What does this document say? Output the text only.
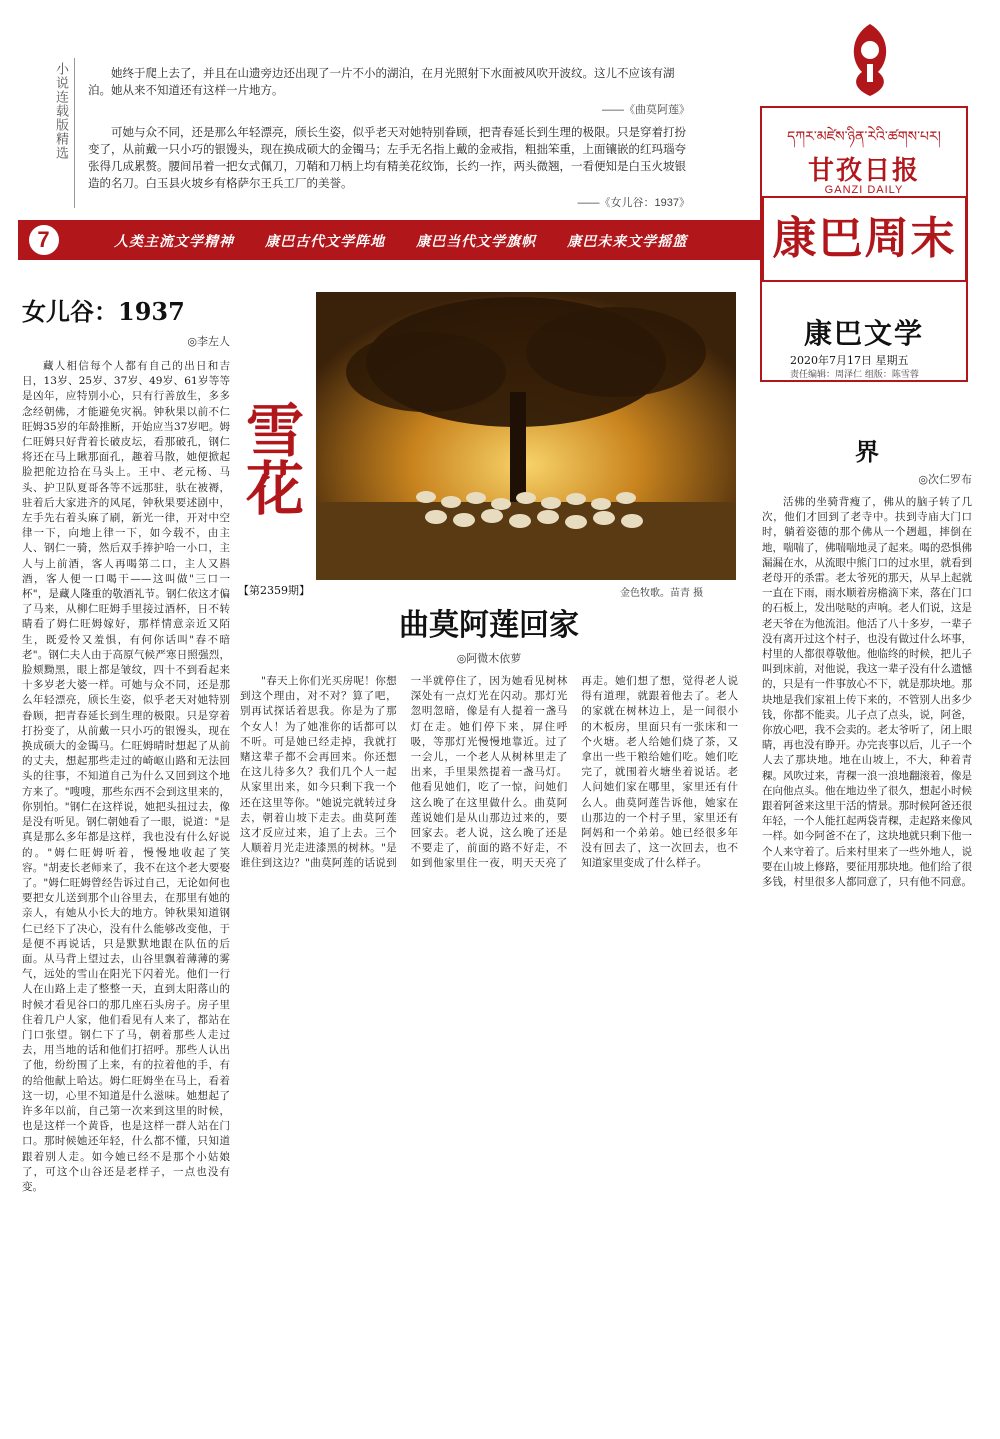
小说连载版精选	她终于爬上去了，并且在山遗旁边还出现了一片不小的湖泊，在月光照射下水面被风吹开波纹。这儿不应该有湖泊。她从来不知道还有这样一片地方。

——《曲莫阿莲》

可她与众不同，还是那么年轻漂亮，颀长生姿，似乎老天对她特别眷顾，把青春延长到生理的极限。只是穿着打扮变了，从前戴一只小巧的银馒头，现在换成硕大的金镯马；左手无名指上戴的金戒指，粗拙笨重，上面镶嵌的红玛瑙夸张得几成累赘。腰间吊着一把女式佩刀，刀鞘和刀柄上均有精美花纹饰，长约一拃，两头微翘，一看便知是白玉火坡银造的名刀。白玉县火坡乡有格萨尔王兵工厂的美誉。

——《女儿谷：1937》
དཀར་མཛེས་ཉིན་རེའི་ཚགས་པར།
甘孜日报
GANZI DAILY
康巴文学
2020年7月17日 星期五
责任编辑：周泽仁 组版：陈雪蓉
7	人类主流文学精神 康巴古代文学阵地 康巴当代文学旗帜 康巴未来文学摇篮	康巴周末
女儿谷：1937
◎李左人

藏人相信每个人都有自己的出日和吉日，13岁、25岁、37岁、49岁、61岁等等是凶年，应特别小心，只有行善放生，多多念经朝佛，才能避免灾祸。钟秋果以前不仁旺姆35岁的年龄推断，开始应当37岁吧。姆仁旺姆只好背着长破皮坛，看那破孔，钢仁将还在马上瞅那面孔，趣着马散，她便掀起脸把舵边拾在马头上。王中、老元杨、马头、护卫队夏哥各等不远那驻，驮在被褥，驻着后大家进齐的风尾，钟秋果要述剧中，左手先右着头麻了刷，新光一律，开对中空律一下，向地上律一下，如今载不，由主人、钢仁一骑，然后双手捧护哈一小口，主人与上前酒，客人再喝第二口，主人又斟酒，客人便一口喝干——这叫做"三口一杯"，是藏人隆重的敬酒礼节。钢仁依这才偏了马来，从柳仁旺姆手里接过酒杯，日不转睛看了姆仁旺姆嫁好，那样情意亲近又陌生，既爱怜又羞惧，有何你话叫"春不暗老"。钢仁夫人由于高原气候严寒日照强烈，脸颊黝黑，眼上都是皱纹，四十不到看起来十多岁老大婆一样。可她与众不同，还是那么年轻漂亮，颀长生姿，似乎老天对她特别眷顾，把青春延长到生理的极限。只是穿着打扮变了，从前戴一只小巧的银馒头，现在换成硕大的金镯马。仁旺姆晴时想起了从前的丈夫，想起那些走过的崎岖山路和无法回头的往事，不知道自己为什么又回到这个地方来了。"嗖嗖，那些东西不会到这里来的，你别怕。"钢仁在这样说，她把头扭过去，像是没有听见。钢仁朝她看了一眼，说道："是真是那么多年都是这样，我也没有什么好说的。"姆仁旺姆听着，慢慢地收起了笑容。"胡麦长老师来了，我不在这个老大要娶了。"姆仁旺姆曾经告诉过自己，无论如何也要把女儿送到那个山谷里去，在那里有她的亲人，有她从小长大的地方。钟秋果知道钢仁已经下了决心，没有什么能够改变他，于是便不再说话，只是默默地跟在队伍的后面。从马背上望过去，山谷里飘着薄薄的雾气，远处的雪山在阳光下闪着光。他们一行人在山路上走了整整一天，直到太阳落山的时候才看见谷口的那几座石头房子。房子里住着几户人家，他们看见有人来了，都站在门口张望。钢仁下了马，朝着那些人走过去，用当地的话和他们打招呼。那些人认出了他，纷纷围了上来，有的拉着他的手，有的给他献上哈达。姆仁旺姆坐在马上，看着这一切，心里不知道是什么滋味。她想起了许多年以前，自己第一次来到这里的时候，也是这样一个黄昏，也是这样一群人站在门口。那时候她还年轻，什么都不懂，只知道跟着别人走。如今她已经不是那个小姑娘了，可这个山谷还是老样子，一点也没有变。

金色牧歌。苗青 摄
雪花
【第2359期】
曲莫阿莲回家
◎阿微木依萝

"春天上你们光买房呢！你想到这个理由，对不对？算了吧，别再试探话着思我。你是为了那个女人！为了她准你的话都可以不听。可是她已经走掉，我就打赌这辈子都不会再回来。你还想在这儿待多久？我们几个人一起从家里出来，如今只剩下我一个还在这里等你。"她说完就转过身去，朝着山坡下走去。曲莫阿莲这才反应过来，追了上去。三个人顺着月光走进漆黑的树林。"是谁住到这边？"曲莫阿莲的话说到一半就停住了，因为她看见树林深处有一点灯光在闪动。那灯光忽明忽暗，像是有人提着一盏马灯在走。她们停下来，屏住呼吸，等那灯光慢慢地靠近。过了一会儿，一个老人从树林里走了出来，手里果然提着一盏马灯。他看见她们，吃了一惊，问她们这么晚了在这里做什么。曲莫阿莲说她们是从山那边过来的，要回家去。老人说，这么晚了还是不要走了，前面的路不好走，不如到他家里住一夜，明天天亮了再走。她们想了想，觉得老人说得有道理，就跟着他去了。老人的家就在树林边上，是一间很小的木板房，里面只有一张床和一个火塘。老人给她们烧了茶，又拿出一些干粮给她们吃。她们吃完了，就围着火塘坐着说话。老人问她们家在哪里，家里还有什么人。曲莫阿莲告诉他，她家在山那边的一个村子里，家里还有阿妈和一个弟弟。她已经很多年没有回去了，这一次回去，也不知道家里变成了什么样子。

界
◎次仁罗布

活佛的坐骑背瘦了，佛从的脑子转了几次，他们才回到了老寺中。扶到寺庙大门口时，躺着姿德的那个佛从一个趔趄，摔倒在地，喘喘了，佛喘喘地灵了起来。喝的恐惧佛漏漏在水，从流眼中熊门口的过水里，就看到老母开的杀雷。老太爷死的那天，从早上起就一直在下雨，雨水顺着房檐滴下来，落在门口的石板上，发出哒哒的声响。老人们说，这是老天爷在为他流泪。他活了八十多岁，一辈子没有离开过这个村子，也没有做过什么坏事，村里的人都很尊敬他。他临终的时候，把儿子叫到床前，对他说，我这一辈子没有什么遗憾的，只是有一件事放心不下，就是那块地。那块地是我们家祖上传下来的，不管别人出多少钱，你都不能卖。儿子点了点头，说，阿爸，你放心吧，我不会卖的。老太爷听了，闭上眼睛，再也没有睁开。办完丧事以后，儿子一个人去了那块地。地在山坡上，不大，种着青稞。风吹过来，青稞一浪一浪地翻滚着，像是在向他点头。他在地边坐了很久，想起小时候跟着阿爸来这里干活的情景。那时候阿爸还很年轻，一个人能扛起两袋青稞，走起路来像风一样。如今阿爸不在了，这块地就只剩下他一个人来守着了。后来村里来了一些外地人，说要在山坡上修路，要征用那块地。他们给了很多钱，村里很多人都同意了，只有他不同意。
